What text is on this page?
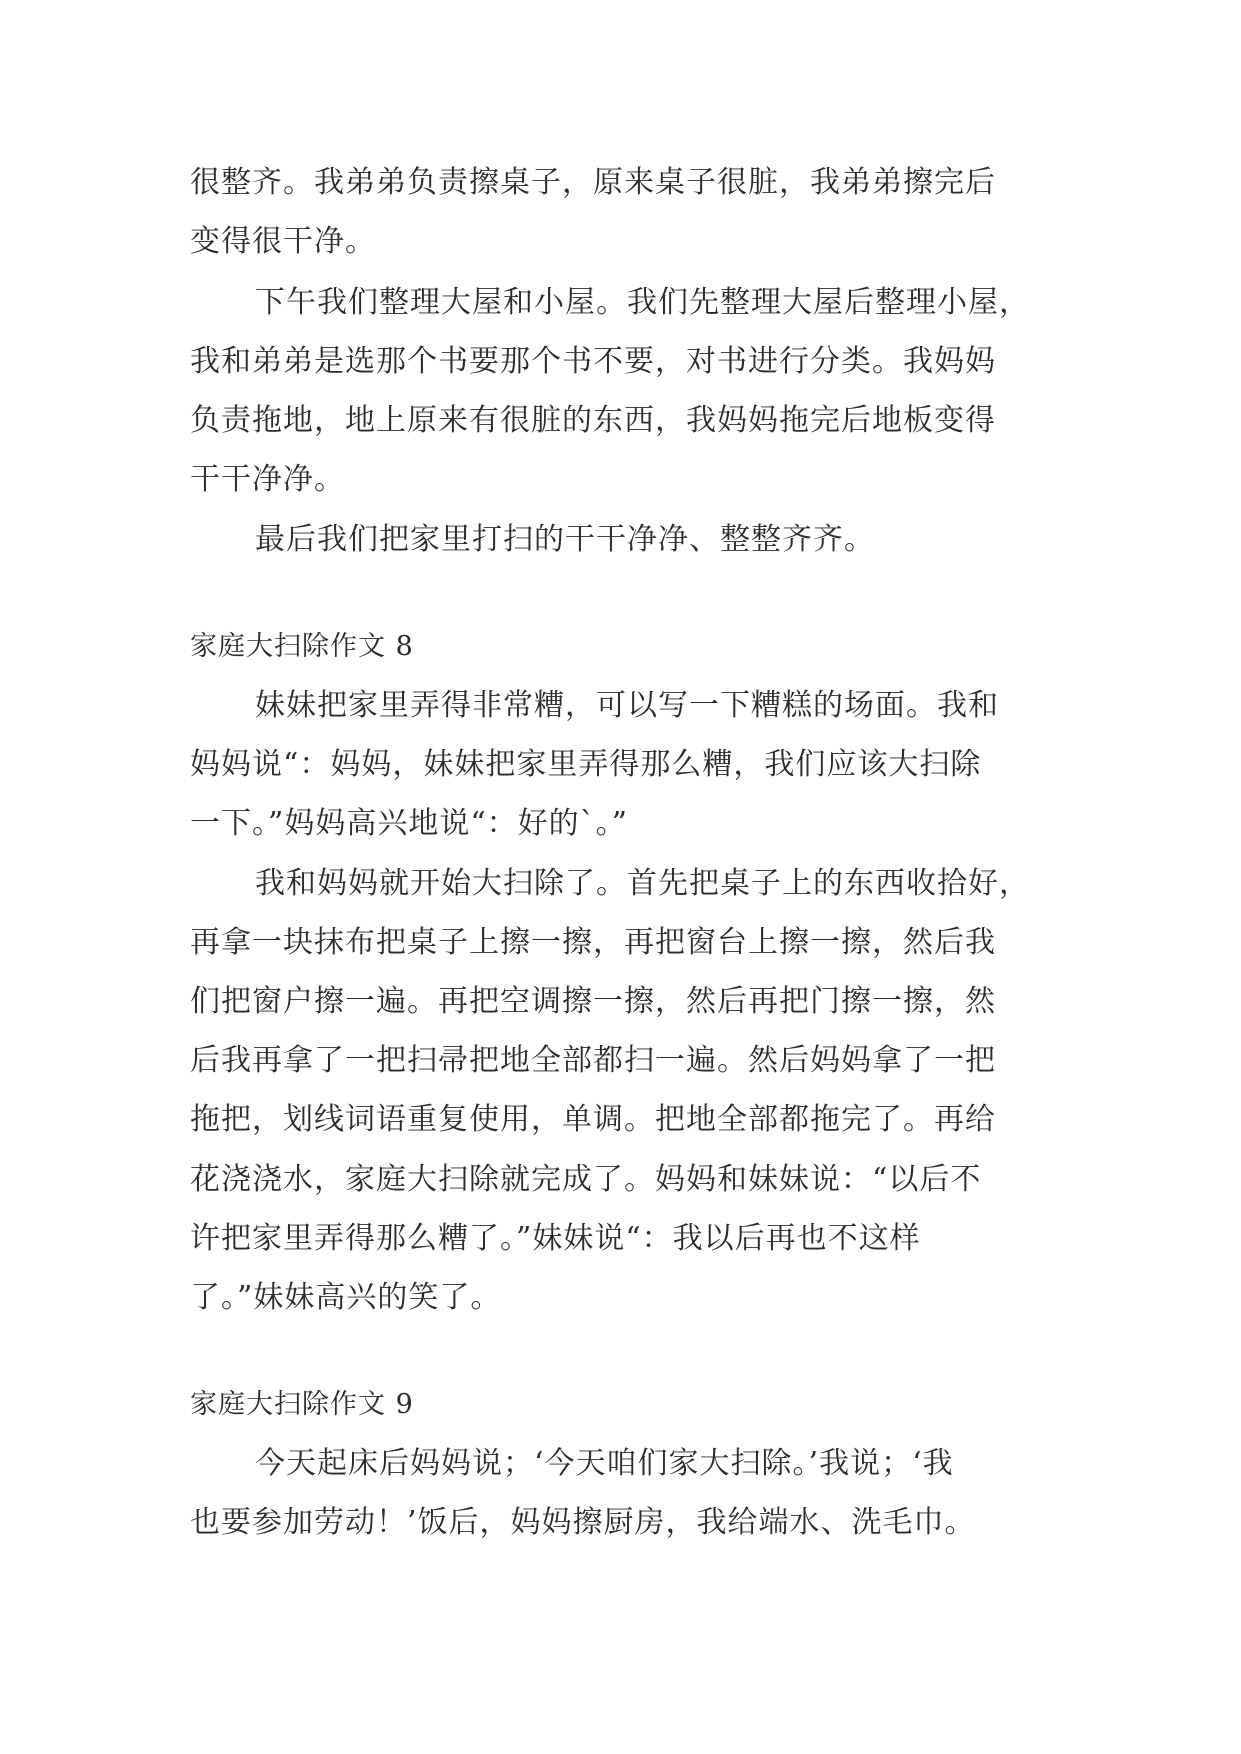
很整齐。我弟弟负责擦桌子，原来桌子很脏，我弟弟擦完后
变得很干净。
下午我们整理大屋和小屋。我们先整理大屋后整理小屋，
我和弟弟是选那个书要那个书不要，对书进行分类。我妈妈
负责拖地，地上原来有很脏的东西，我妈妈拖完后地板变得
干干净净。
最后我们把家里打扫的干干净净、整整齐齐。
家庭大扫除作文 8
妹妹把家里弄得非常糟，可以写一下糟糕的场面。我和
妈妈说“：妈妈，妹妹把家里弄得那么糟，我们应该大扫除
一下。”妈妈高兴地说“：好的`。”
我和妈妈就开始大扫除了。首先把桌子上的东西收拾好，
再拿一块抹布把桌子上擦一擦，再把窗台上擦一擦，然后我
们把窗户擦一遍。再把空调擦一擦，然后再把门擦一擦，然
后我再拿了一把扫帚把地全部都扫一遍。然后妈妈拿了一把
拖把，划线词语重复使用，单调。把地全部都拖完了。再给
花浇浇水，家庭大扫除就完成了。妈妈和妹妹说：“以后不
许把家里弄得那么糟了。”妹妹说“：我以后再也不这样
了。”妹妹高兴的笑了。
家庭大扫除作文 9
今天起床后妈妈说；‘今天咱们家大扫除。’我说；‘我
也要参加劳动！’饭后，妈妈擦厨房，我给端水、洗毛巾。
